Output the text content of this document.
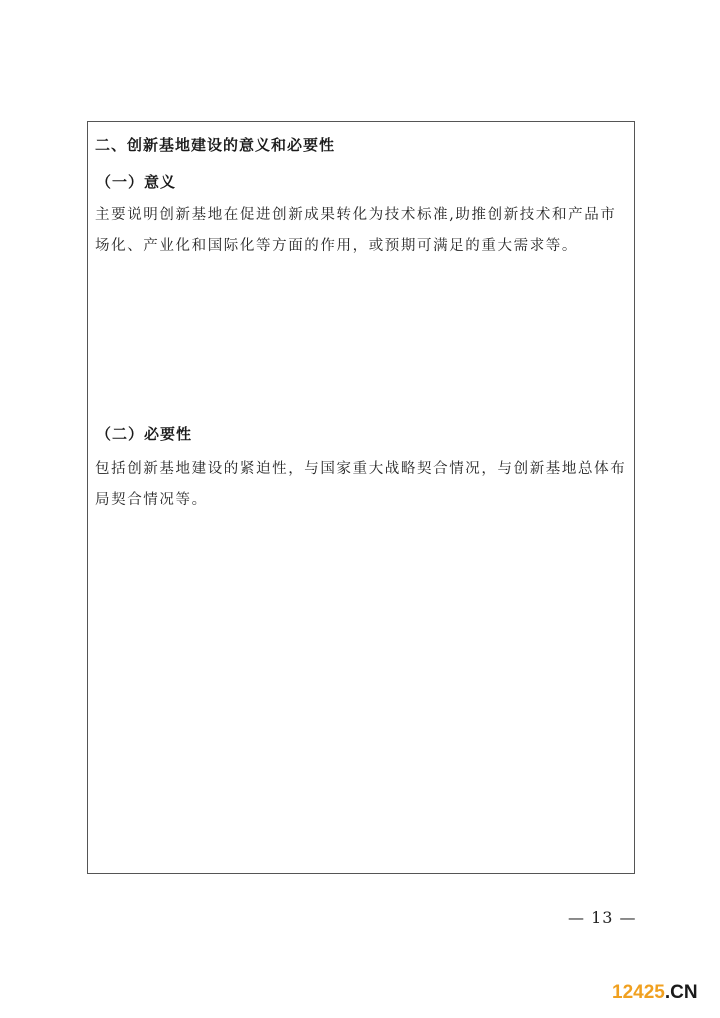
二、创新基地建设的意义和必要性
（一）意义
主要说明创新基地在促进创新成果转化为技术标准,助推创新技术和产品市
场化、产业化和国际化等方面的作用，或预期可满足的重大需求等。
（二）必要性
包括创新基地建设的紧迫性，与国家重大战略契合情况，与创新基地总体布
局契合情况等。
— 13 —
12425.CN
